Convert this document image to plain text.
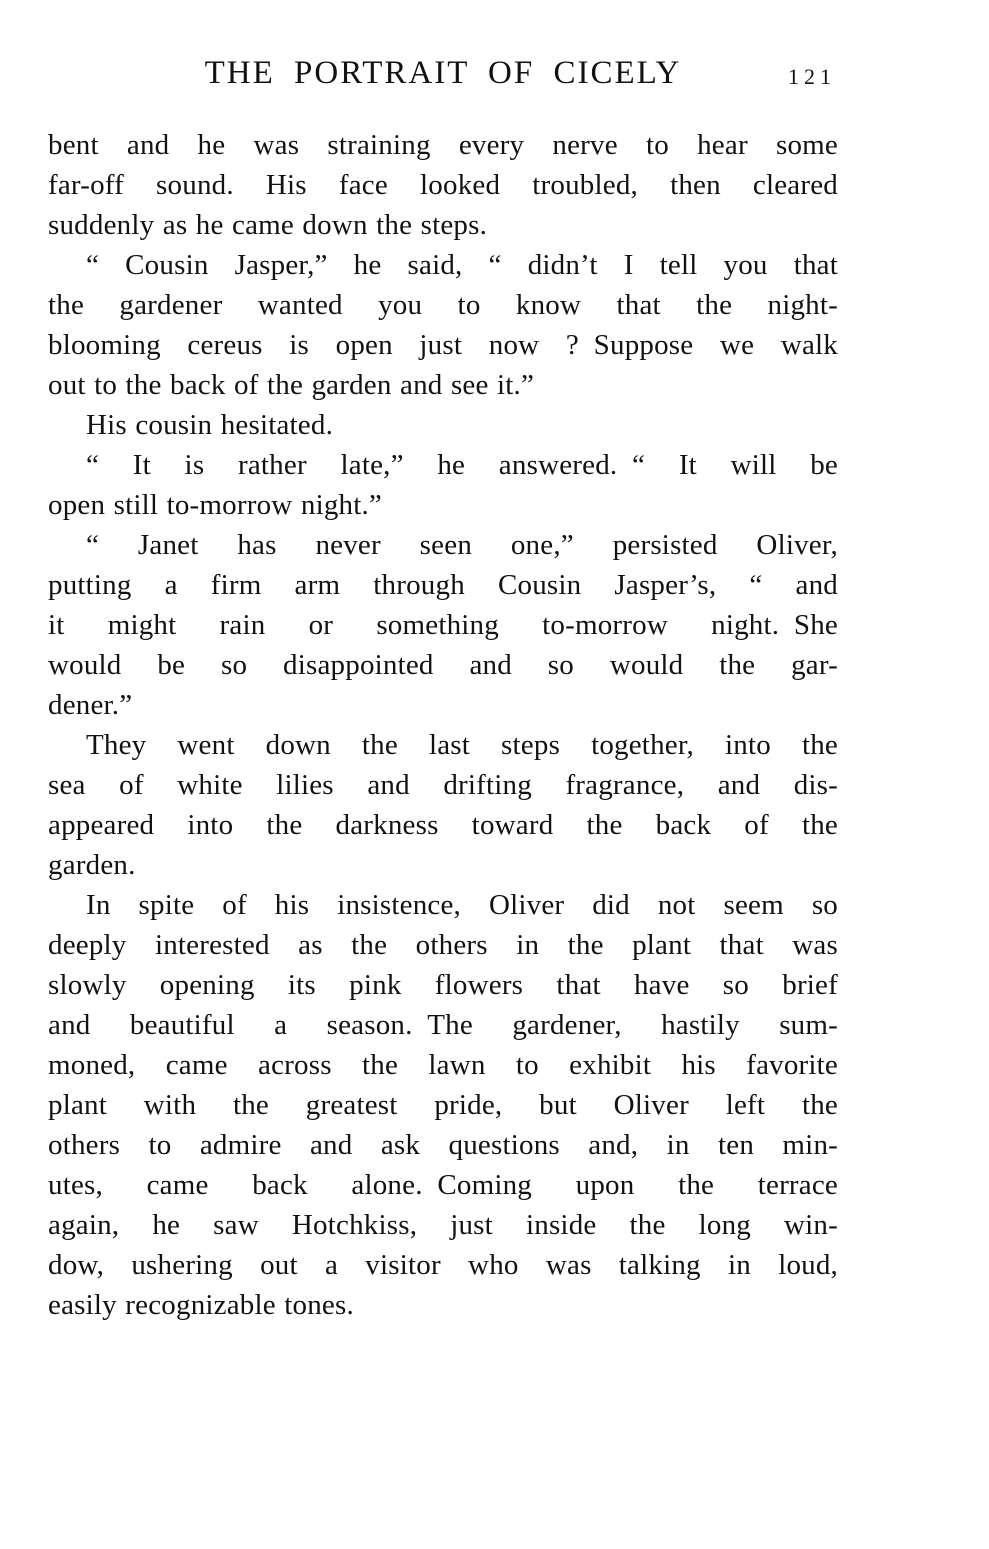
THE PORTRAIT OF CICELY	121
bent and he was straining every nerve to hear some
far-off sound. His face looked troubled, then cleared
suddenly as he came down the steps.
“ Cousin Jasper,” he said, “ didn’t I tell you that
the gardener wanted you to know that the night-
blooming cereus is open just now ? Suppose we walk
out to the back of the garden and see it.”
His cousin hesitated.
“ It is rather late,” he answered. “ It will be
open still to-morrow night.”
“ Janet has never seen one,” persisted Oliver,
putting a firm arm through Cousin Jasper’s, “ and
it might rain or something to-morrow night. She
would be so disappointed and so would the gar-
dener.”
They went down the last steps together, into the
sea of white lilies and drifting fragrance, and dis-
appeared into the darkness toward the back of the
garden.
In spite of his insistence, Oliver did not seem so
deeply interested as the others in the plant that was
slowly opening its pink flowers that have so brief
and beautiful a season. The gardener, hastily sum-
moned, came across the lawn to exhibit his favorite
plant with the greatest pride, but Oliver left the
others to admire and ask questions and, in ten min-
utes, came back alone. Coming upon the terrace
again, he saw Hotchkiss, just inside the long win-
dow, ushering out a visitor who was talking in loud,
easily recognizable tones.
